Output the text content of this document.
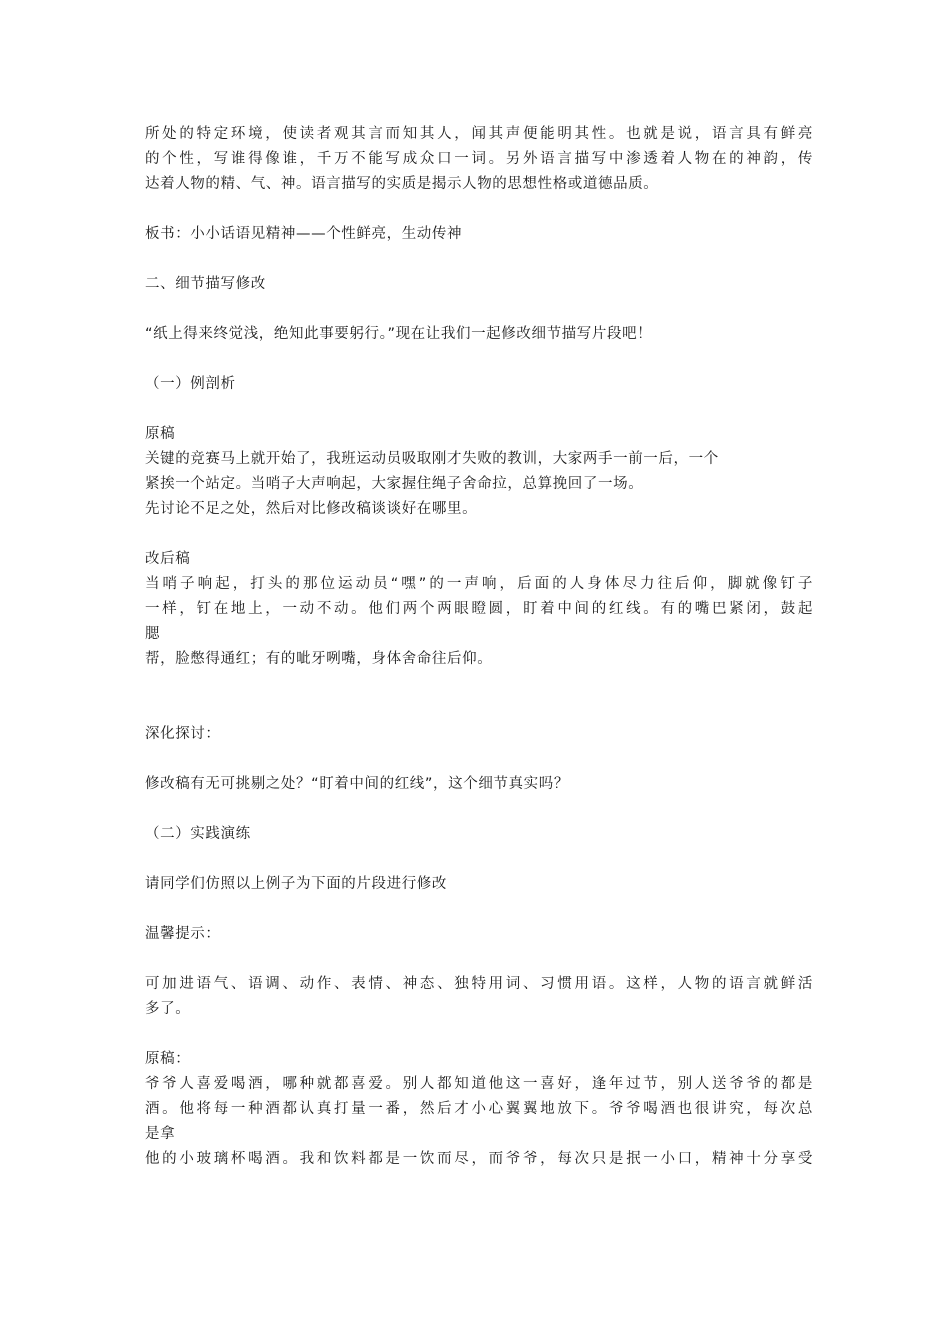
所处的特定环境，使读者观其言而知其人，闻其声便能明其性。也就是说，语言具有鲜亮
的个性，写谁得像谁，千万不能写成众口一词。另外语言描写中渗透着人物在的神韵，传
达着人物的精、气、神。语言描写的实质是揭示人物的思想性格或道德品质。

板书：小小话语见精神——个性鲜亮，生动传神

二、细节描写修改

“纸上得来终觉浅，绝知此事要躬行。”现在让我们一起修改细节描写片段吧！

（一）例剖析

原稿
关键的竞赛马上就开始了，我班运动员吸取刚才失败的教训，大家两手一前一后，一个
紧挨一个站定。当哨子大声响起，大家握住绳子舍命拉，总算挽回了一场。
先讨论不足之处，然后对比修改稿谈谈好在哪里。

改后稿
当哨子响起，打头的那位运动员“嘿”的一声响，后面的人身体尽力往后仰，脚就像钉子
一样，钉在地上，一动不动。他们两个两眼瞪圆，盯着中间的红线。有的嘴巴紧闭，鼓起
腮
帮，脸憋得通红；有的呲牙咧嘴，身体舍命往后仰。

深化探讨：

修改稿有无可挑剔之处？“盯着中间的红线”，这个细节真实吗？

（二）实践演练

请同学们仿照以上例子为下面的片段进行修改

温馨提示：

可加进语气、语调、动作、表情、神态、独特用词、习惯用语。这样，人物的语言就鲜活
多了。

原稿：
爷爷人喜爱喝酒，哪种就都喜爱。别人都知道他这一喜好，逢年过节，别人送爷爷的都是
酒。他将每一种酒都认真打量一番，然后才小心翼翼地放下。爷爷喝酒也很讲究，每次总
是拿
他的小玻璃杯喝酒。我和饮料都是一饮而尽，而爷爷，每次只是抿一小口，精神十分享受
